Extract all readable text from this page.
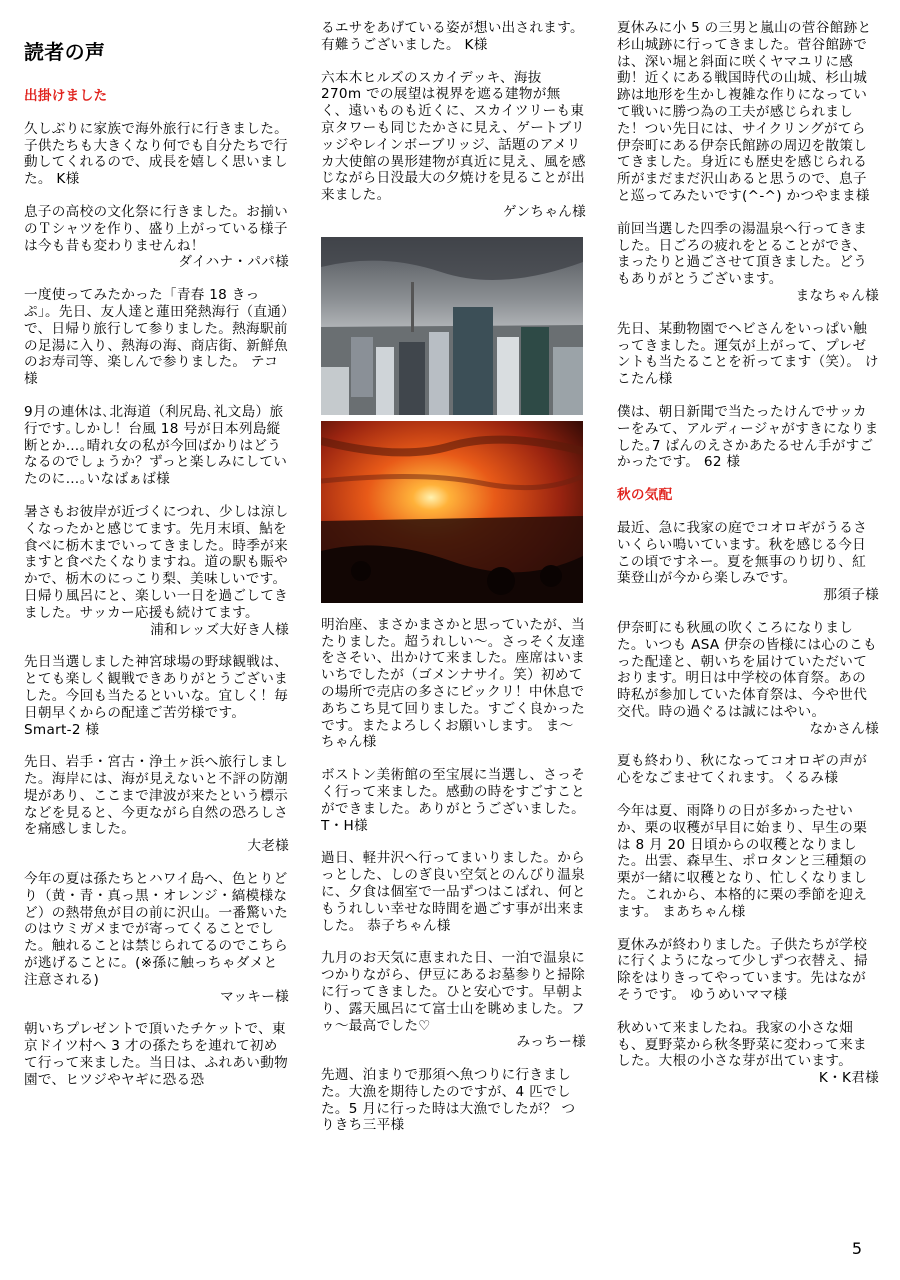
読者の声
出掛けました

久しぶりに家族で海外旅行に行きました。子供たちも大きくなり何でも自分たちで行動してくれるので、成長を嬉しく思いました。 K様

息子の高校の文化祭に行きました。お揃いのＴシャツを作り、盛り上がっている様子は今も昔も変わりませんね！

ダイハナ・パパ様

一度使ってみたかった「青春 18 きっぷ」。先日、友人達と蓮田発熱海行（直通）で、日帰り旅行して参りました。熱海駅前の足湯に入り、熱海の海、商店街、新鮮魚のお寿司等、楽しんで参りました。 テコ様

9月の連休は､北海道（利尻島､礼文島）旅行です｡しかし！台風 18 号が日本列島縦断とか…｡晴れ女の私が今回ばかりはどうなるのでしょうか？ずっと楽しみにしていたのに…｡いなばぁば様

暑さもお彼岸が近づくにつれ、少しは涼しくなったかと感じてます。先月末頃、鮎を食べに栃木までいってきました。時季が来ますと食べたくなりますね。道の駅も賑やかで、栃木のにっこり梨、美味しいです。日帰り風呂にと、楽しい一日を過ごしてきました。サッカー応援も続けてます。

浦和レッズ大好き人様

先日当選しました神宮球場の野球観戦は、とても楽しく観戦できありがとうございました。今回も当たるといいな。宜しく！毎日朝早くからの配達ご苦労様です。 Smart-2 様

先日、岩手・宮古・浄土ヶ浜へ旅行しました。海岸には、海が見えないと不評の防潮堤があり、ここまで津波が来たという標示などを見ると、今更ながら自然の恐ろしさを痛感しました。

大老様

今年の夏は孫たちとハワイ島へ、色とりどり（黄・青・真っ黒・オレンジ・縞模様など）の熱帯魚が目の前に沢山。一番驚いたのはウミガメまでが寄ってくることでした。触れることは禁じられてるのでこちらが逃げることに。(※孫に触っちゃダメと注意される)

マッキー様

朝いちプレゼントで頂いたチケットで、東京ドイツ村へ 3 才の孫たちを連れて初めて行って来ました。当日は、ふれあい動物園で、ヒツジやヤギに恐る恐

るエサをあげている姿が想い出されます。有難うございました。 K様

六本木ヒルズのスカイデッキ、海抜 270m での展望は視界を遮る建物が無く、遠いものも近くに、スカイツリーも東京タワーも同じたかさに見え、ゲートブリッジやレインボーブリッジ、話題のアメリカ大使館の異形建物が真近に見え、風を感じながら日没最大の夕焼けを見ることが出来ました。

ゲンちゃん様

明治座、まさかまさかと思っていたが、当たりました。超うれしい～。さっそく友達をさそい、出かけて来ました。座席はいまいちでしたが（ゴメンナサイ。笑）初めての場所で売店の多さにビックリ！中休息であちこち見て回りました。すごく良かったです。またよろしくお願いします。 ま～ちゃん様

ボストン美術館の至宝展に当選し、さっそく行って来ました。感動の時をすごすことができました。ありがとうございました。 T・H様

過日、軽井沢へ行ってまいりました。からっとした、しのぎ良い空気とのんびり温泉に、夕食は個室で一品ずつはこばれ、何ともうれしい幸せな時間を過ごす事が出来ました。 恭子ちゃん様

九月のお天気に恵まれた日、一泊で温泉につかりながら、伊豆にあるお墓参りと掃除に行ってきました。ひと安心です。早朝より、露天風呂にて富士山を眺めました。フゥ～最高でした♡

みっちー様

先週、泊まりで那須へ魚つりに行きました。大漁を期待したのですが、4 匹でした。5 月に行った時は大漁でしたが？ つりきち三平様

夏休みに小 5 の三男と嵐山の菅谷館跡と杉山城跡に行ってきました。菅谷館跡では、深い堀と斜面に咲くヤマユリに感動！近くにある戦国時代の山城、杉山城跡は地形を生かし複雑な作りになっていて戦いに勝つ為の工夫が感じられました！つい先日には、サイクリングがてら伊奈町にある伊奈氏館跡の周辺を散策してきました。身近にも歴史を感じられる所がまだまだ沢山あると思うので、息子と巡ってみたいです(^-^) かつやまま様

前回当選した四季の湯温泉へ行ってきました。日ごろの疲れをとることができ、まったりと過ごさせて頂きました。どうもありがとうございます。

まなちゃん様

先日、某動物園でヘビさんをいっぱい触ってきました。運気が上がって、プレゼントも当たることを祈ってます（笑）。 けこたん様

僕は、朝日新聞で当たったけんでサッカーをみて、アルディージャがすきになりました｡7 ばんのえさかあたるせん手がすごかったです。 62 様

秋の気配

最近、急に我家の庭でコオロギがうるさいくらい鳴いています。秋を感じる今日この頃ですネー。夏を無事のり切り、紅葉登山が今から楽しみです。

那須子様

伊奈町にも秋風の吹くころになりました。いつも ASA 伊奈の皆様には心のこもった配達と、朝いちを届けていただいております。明日は中学校の体育祭。あの時私が参加していた体育祭は、今や世代交代。時の過ぐるは誠にはやい。

なかさん様

夏も終わり、秋になってコオロギの声が心をなごませてくれます。くるみ様

今年は夏、雨降りの日が多かったせいか、栗の収穫が早目に始まり、早生の栗は 8 月 20 日頃からの収穫となりました。出雲、森早生、ポロタンと三種類の栗が一緒に収穫となり、忙しくなりました。これから、本格的に栗の季節を迎えます。 まあちゃん様

夏休みが終わりました。子供たちが学校に行くようになって少しずつ衣替え、掃除をはりきってやっています。先はながそうです。 ゆうめいママ様

秋めいて来ましたね。我家の小さな畑も、夏野菜から秋冬野菜に変わって来ました。大根の小さな芽が出ています。

K・K君様

5
